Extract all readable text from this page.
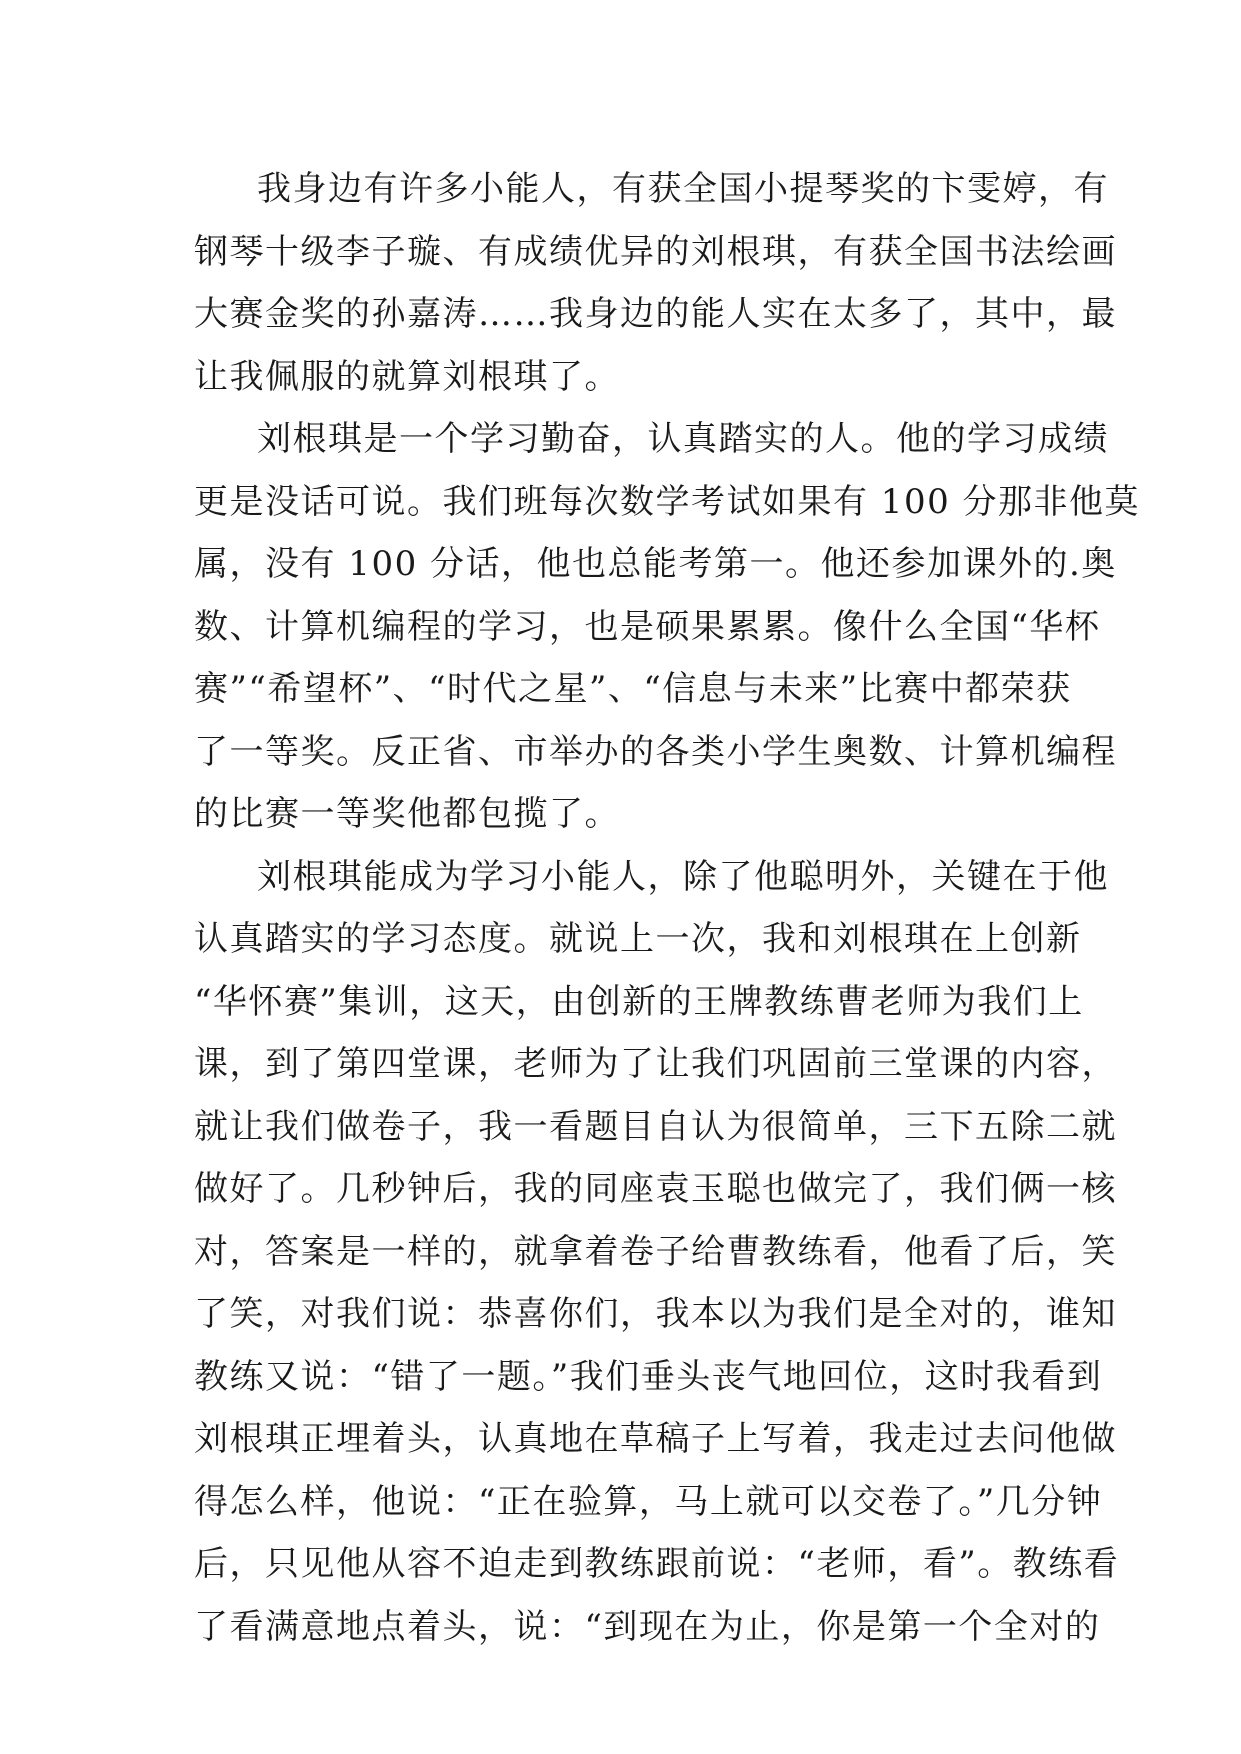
我身边有许多小能人，有获全国小提琴奖的卞雯婷，有
钢琴十级李子璇、有成绩优异的刘根琪，有获全国书法绘画
大赛金奖的孙嘉涛……我身边的能人实在太多了，其中，最
让我佩服的就算刘根琪了。
刘根琪是一个学习勤奋，认真踏实的人。他的学习成绩
更是没话可说。我们班每次数学考试如果有 100 分那非他莫
属，没有 100 分话，他也总能考第一。他还参加课外的.奥
数、计算机编程的学习，也是硕果累累。像什么全国“华杯
赛”“希望杯”、“时代之星”、“信息与未来”比赛中都荣获
了一等奖。反正省、市举办的各类小学生奥数、计算机编程
的比赛一等奖他都包揽了。
刘根琪能成为学习小能人，除了他聪明外，关键在于他
认真踏实的学习态度。就说上一次，我和刘根琪在上创新
“华怀赛”集训，这天，由创新的王牌教练曹老师为我们上
课，到了第四堂课，老师为了让我们巩固前三堂课的内容，
就让我们做卷子，我一看题目自认为很简单，三下五除二就
做好了。几秒钟后，我的同座袁玉聪也做完了，我们俩一核
对，答案是一样的，就拿着卷子给曹教练看，他看了后，笑
了笑，对我们说：恭喜你们，我本以为我们是全对的，谁知
教练又说：“错了一题。”我们垂头丧气地回位，这时我看到
刘根琪正埋着头，认真地在草稿子上写着，我走过去问他做
得怎么样，他说：“正在验算，马上就可以交卷了。”几分钟
后，只见他从容不迫走到教练跟前说：“老师，看”。教练看
了看满意地点着头，说：“到现在为止，你是第一个全对的
